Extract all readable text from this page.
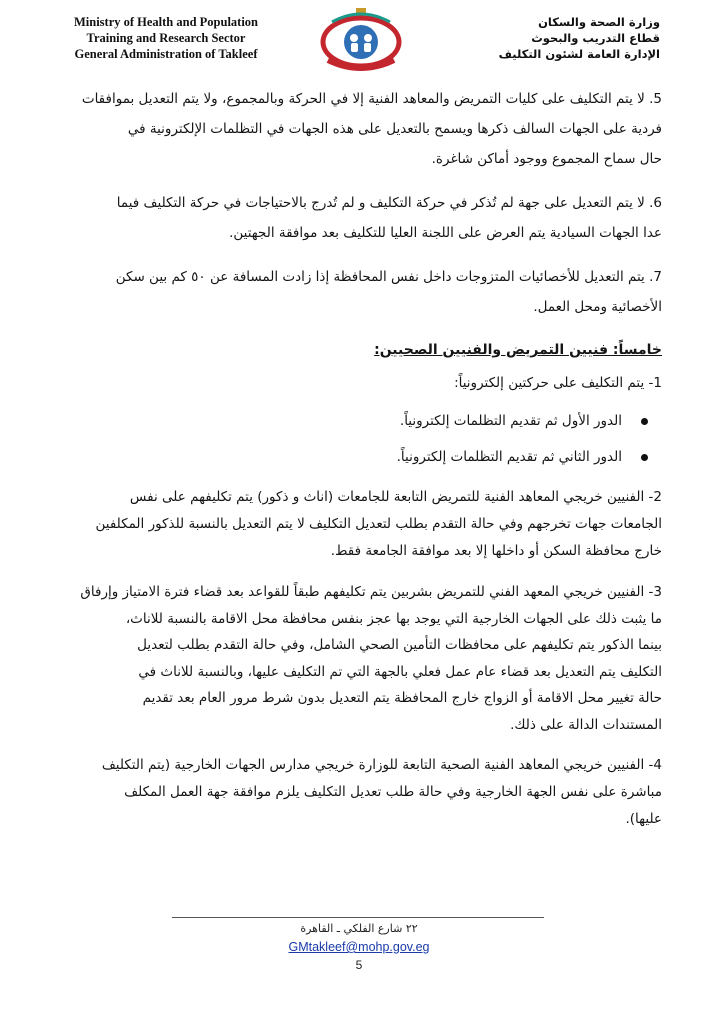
Ministry of Health and Population
Training and Research Sector
General Administration of Takleef
وزارة الصحة والسكان
قطاع التدريب والبحوث
الإدارة العامة لشئون التكليف
5. لا يتم التكليف على كليات التمريض والمعاهد الفنية إلا في الحركة وبالمجموع، ولا يتم التعديل بموافقات
فردية على الجهات السالف ذكرها ويسمح بالتعديل على هذه الجهات في التظلمات الإلكترونية في
حال سماح المجموع ووجود أماكن شاغرة.
6. لا يتم التعديل على جهة لم تُذكر في حركة التكليف و لم تُدرج بالاحتياجات في حركة التكليف فيما
عدا الجهات السيادية يتم العرض على اللجنة العليا للتكليف بعد موافقة الجهتين.
7. يتم التعديل للأخصائيات المتزوجات داخل نفس المحافظة إذا زادت المسافة عن ٥٠ كم بين سكن
الأخصائية ومحل العمل.
خامساً: فنيين التمريض والفنيين الصحيين:
1- يتم التكليف على حركتين إلكترونياً:
الدور الأول ثم تقديم التظلمات إلكترونياً.
الدور الثاني ثم تقديم التظلمات إلكترونياً.
2- الفنيين خريجي المعاهد الفنية للتمريض التابعة للجامعات (اناث و ذكور) يتم تكليفهم على نفس
الجامعات جهات تخرجهم وفي حالة التقدم بطلب لتعديل التكليف لا يتم التعديل بالنسبة للذكور المكلفين
خارج محافظة السكن أو داخلها إلا بعد موافقة الجامعة فقط.
3- الفنيين خريجي المعهد الفني للتمريض بشربين يتم تكليفهم طبقاً للقواعد بعد قضاء فترة الامتياز وإرفاق
ما يثبت ذلك على الجهات الخارجية التي يوجد بها عجز بنفس محافظة محل الاقامة بالنسبة للاناث،
بينما الذكور يتم تكليفهم على محافظات التأمين الصحي الشامل، وفي حالة التقدم بطلب لتعديل
التكليف يتم التعديل بعد قضاء عام عمل فعلي بالجهة التي تم التكليف عليها، وبالنسبة للاناث في
حالة تغيير محل الاقامة أو الزواج خارج المحافظة يتم التعديل بدون شرط مرور العام بعد تقديم
المستندات الدالة على ذلك.
4- الفنيين خريجي المعاهد الفنية الصحية التابعة للوزارة خريجي مدارس الجهات الخارجية (يتم التكليف
مباشرة على نفس الجهة الخارجية وفي حالة طلب تعديل التكليف يلزم موافقة جهة العمل المكلف
عليها).
٢٢ شارع الفلكي ـ القاهرة
GMtakleef@mohp.gov.eg
5
